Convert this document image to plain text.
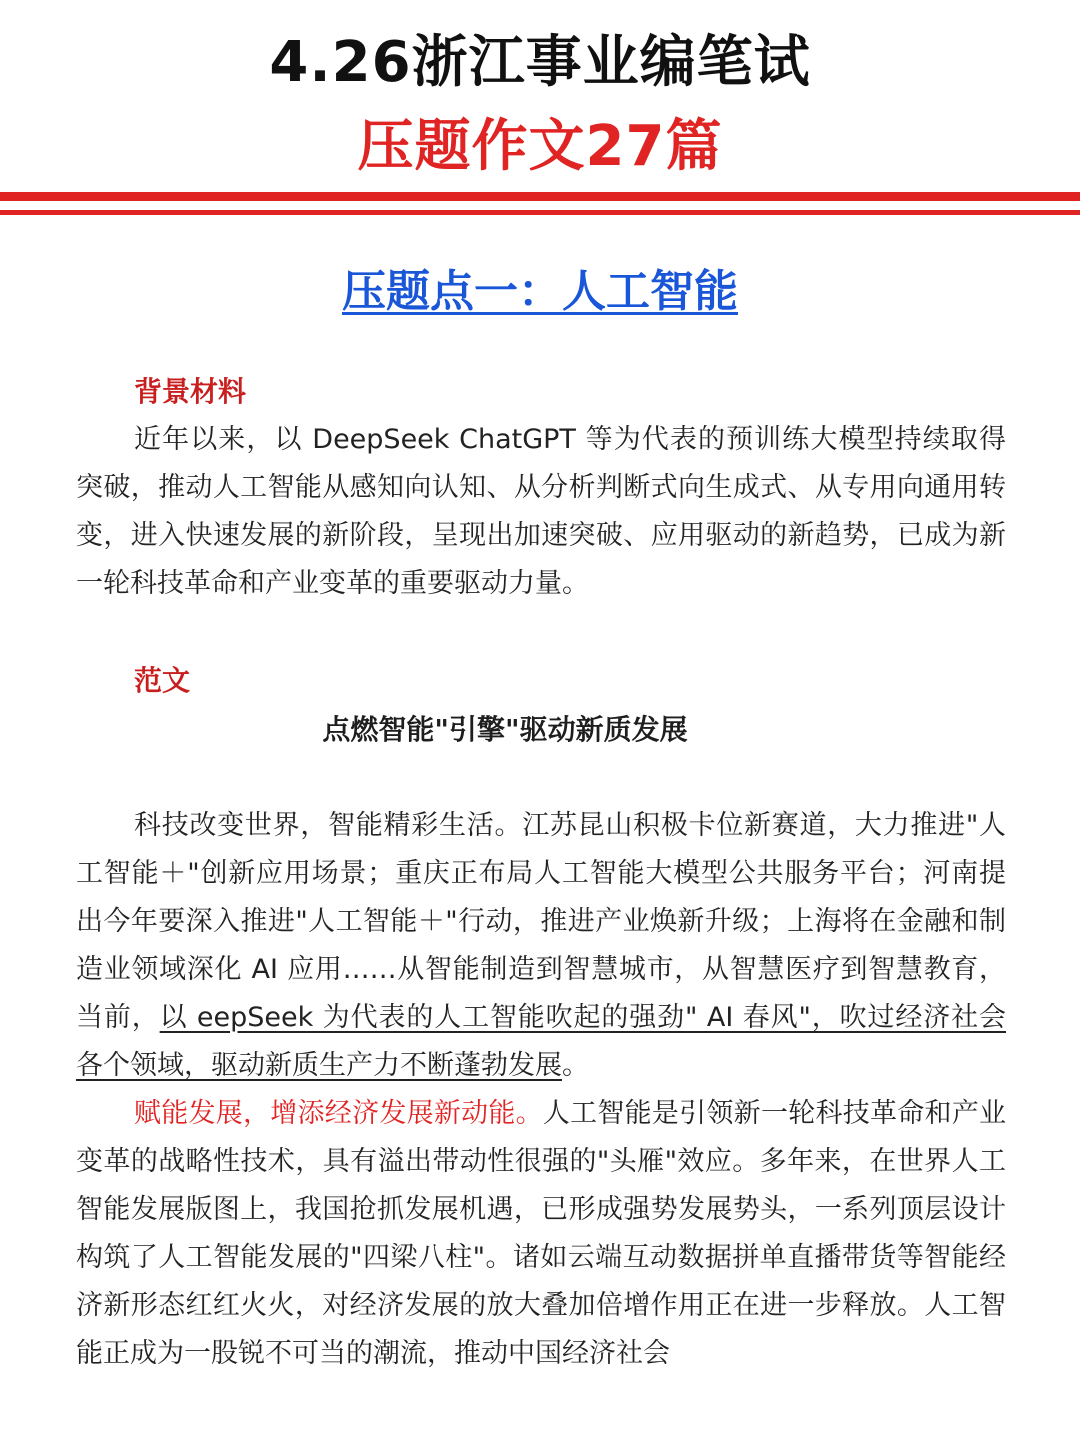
4.26浙江事业编笔试
压题作文27篇
压题点一：人工智能
背景材料

近年以来，以 DeepSeek ChatGPT 等为代表的预训练大模型持续取得突破，推动人工智能从感知向认知、从分析判断式向生成式、从专用向通用转变，进入快速发展的新阶段，呈现出加速突破、应用驱动的新趋势，已成为新一轮科技革命和产业变革的重要驱动力量。

范文
点燃智能"引擎"驱动新质发展

科技改变世界，智能精彩生活。江苏昆山积极卡位新赛道，大力推进"人工智能＋"创新应用场景；重庆正布局人工智能大模型公共服务平台；河南提出今年要深入推进"人工智能＋"行动，推进产业焕新升级；上海将在金融和制造业领域深化 AI 应用……从智能制造到智慧城市，从智慧医疗到智慧教育，当前，以 eepSeek 为代表的人工智能吹起的强劲" AI 春风"，吹过经济社会各个领域，驱动新质生产力不断蓬勃发展。

赋能发展，增添经济发展新动能。人工智能是引领新一轮科技革命和产业变革的战略性技术，具有溢出带动性很强的"头雁"效应。多年来，在世界人工智能发展版图上，我国抢抓发展机遇，已形成强势发展势头，一系列顶层设计构筑了人工智能发展的"四梁八柱"。诸如云端互动数据拼单直播带货等智能经济新形态红红火火，对经济发展的放大叠加倍增作用正在进一步释放。人工智能正成为一股锐不可当的潮流，推动中国经济社会
